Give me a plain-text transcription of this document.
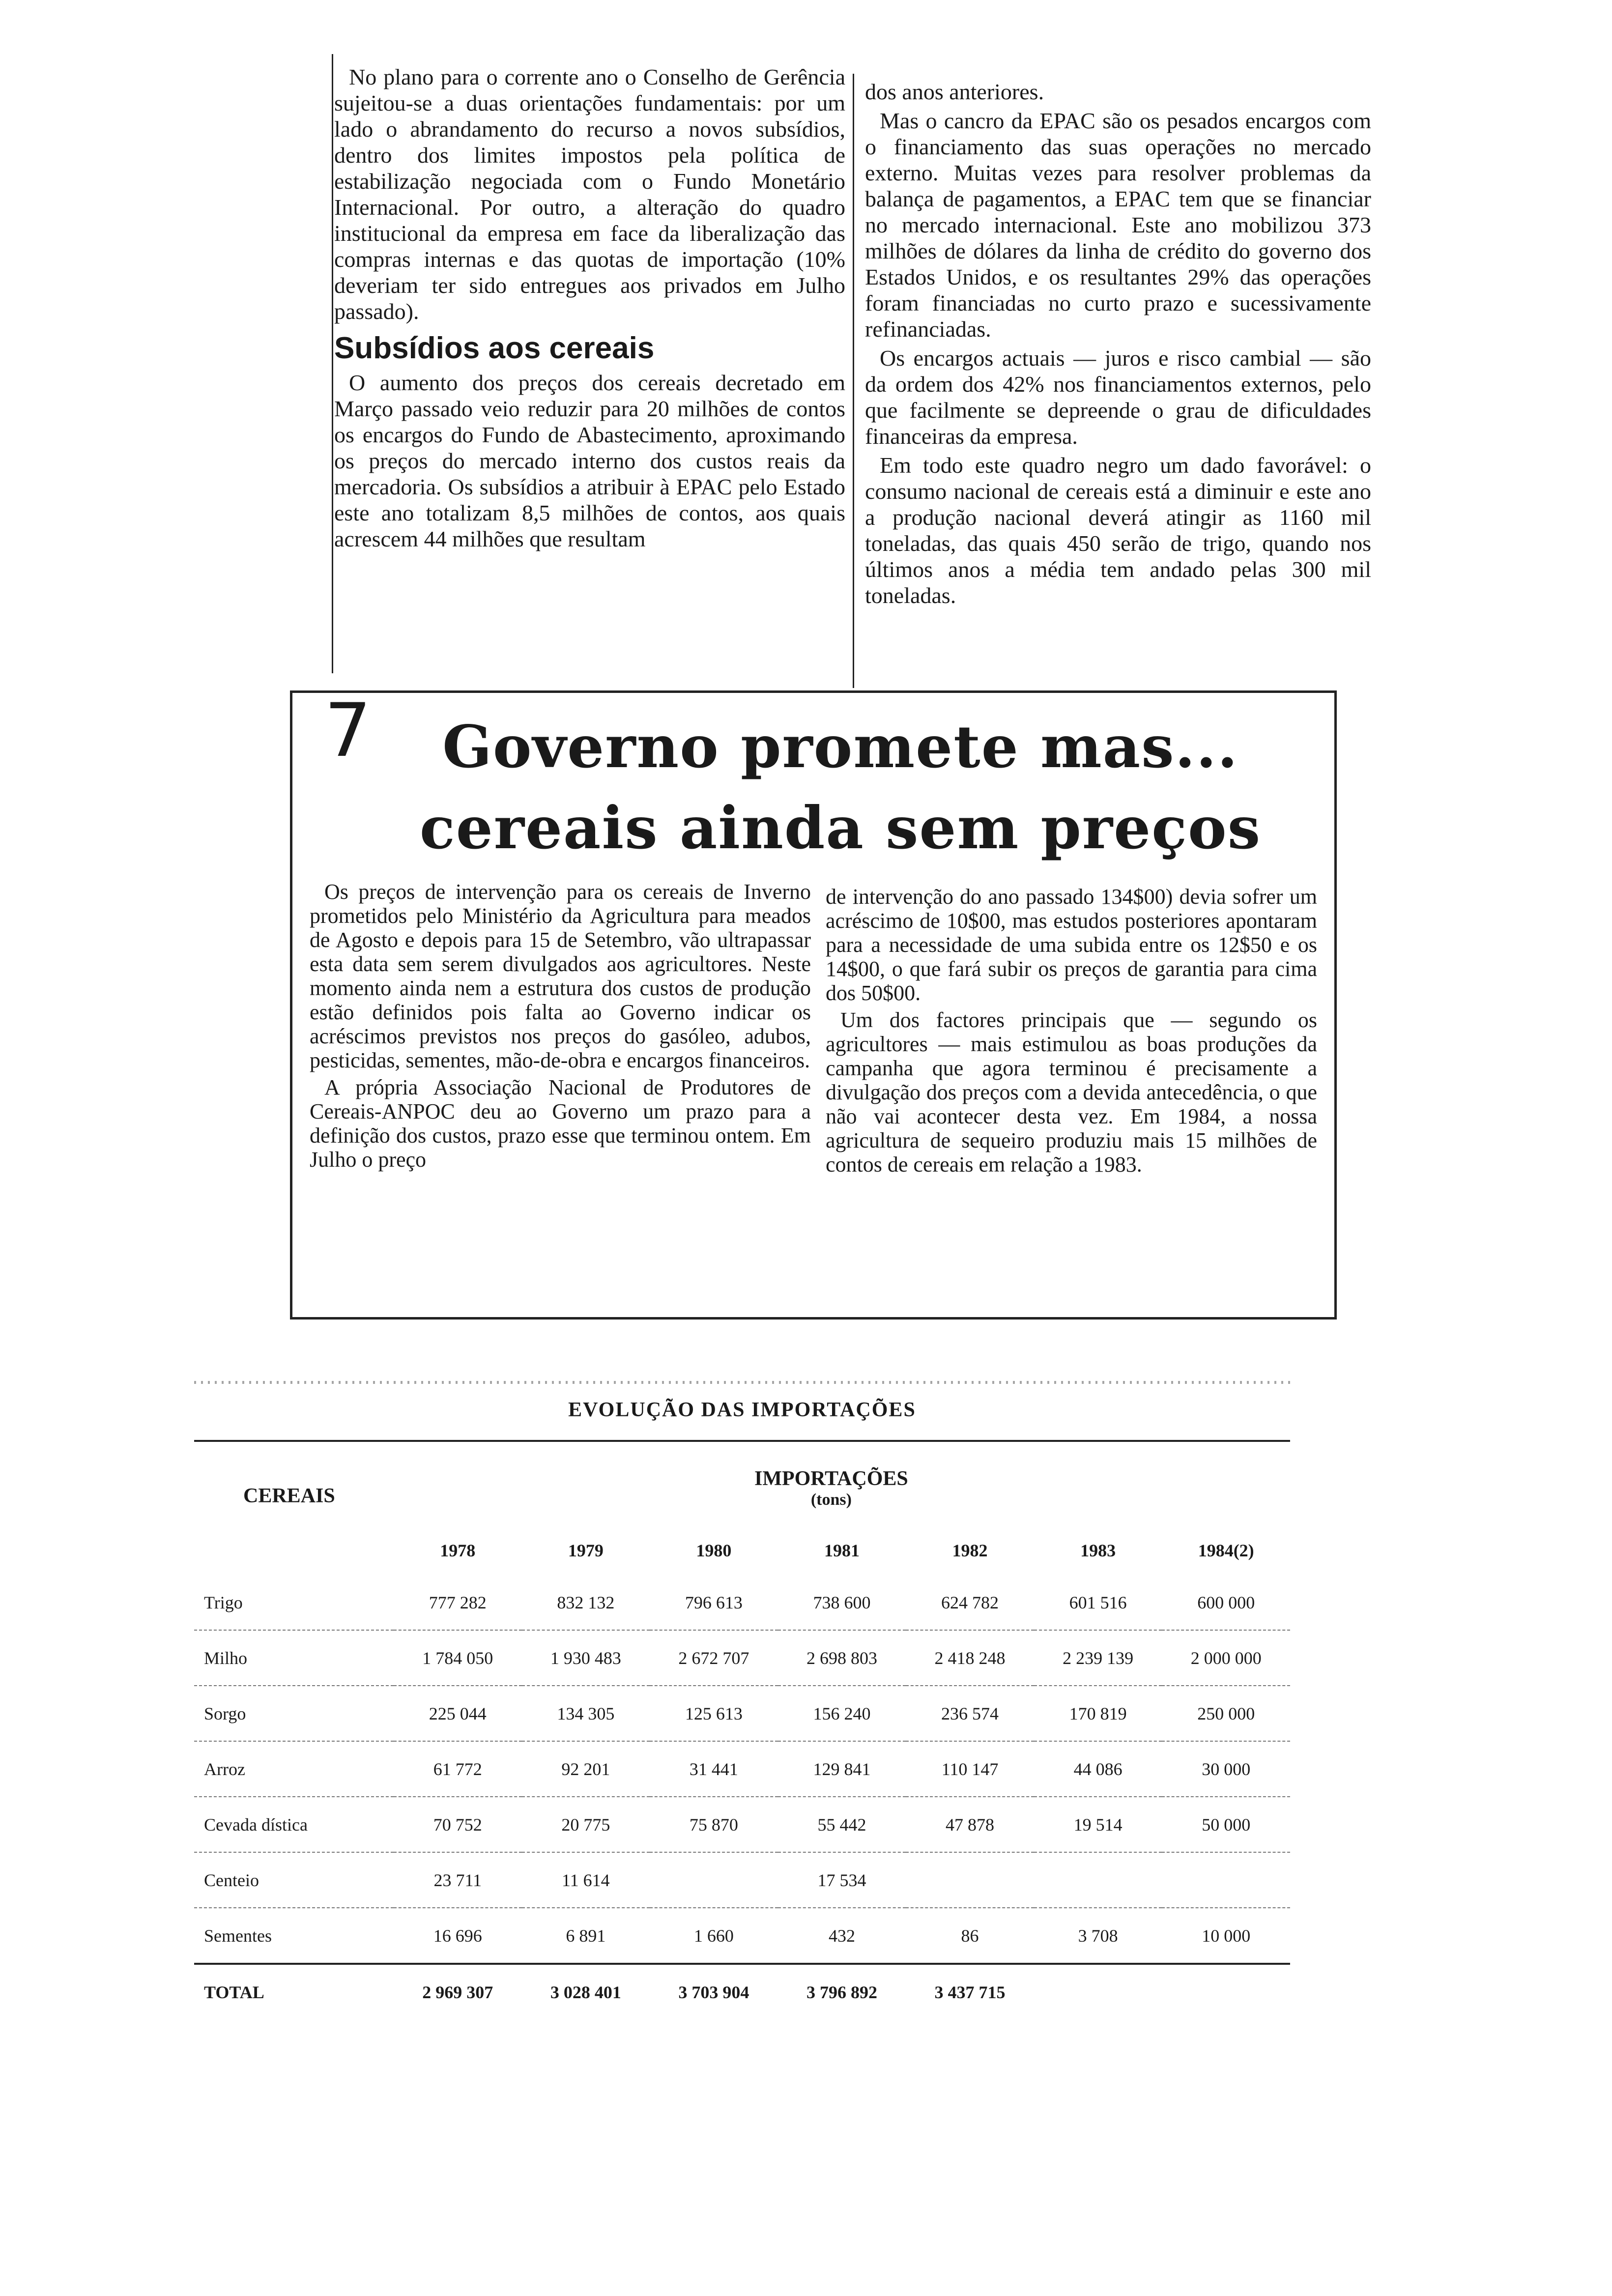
No plano para o corrente ano o Conselho de Gerência sujeitou-se a duas orientações fundamentais: por um lado o abrandamento do recurso a novos subsídios, dentro dos limites impostos pela política de estabilização negociada com o Fundo Monetário Internacional. Por outro, a alteração do quadro institucional da empresa em face da liberalização das compras internas e das quotas de importação (10% deveriam ter sido entregues aos privados em Julho passado).

Subsídios aos cereais

O aumento dos preços dos cereais decretado em Março passado veio reduzir para 20 milhões de contos os encargos do Fundo de Abastecimento, aproximando os preços do mercado interno dos custos reais da mercadoria. Os subsídios a atribuir à EPAC pelo Estado este ano totalizam 8,5 milhões de contos, aos quais acrescem 44 milhões que resultam

dos anos anteriores.

Mas o cancro da EPAC são os pesados encargos com o financiamento das suas operações no mercado externo. Muitas vezes para resolver problemas da balança de pagamentos, a EPAC tem que se financiar no mercado internacional. Este ano mobilizou 373 milhões de dólares da linha de crédito do governo dos Estados Unidos, e os resultantes 29% das operações foram financiadas no curto prazo e sucessivamente refinanciadas.

Os encargos actuais — juros e risco cambial — são da ordem dos 42% nos financiamentos externos, pelo que facilmente se depreende o grau de dificuldades financeiras da empresa.

Em todo este quadro negro um dado favorável: o consumo nacional de cereais está a diminuir e este ano a produção nacional deverá atingir as 1160 mil toneladas, das quais 450 serão de trigo, quando nos últimos anos a média tem andado pelas 300 mil toneladas.

7	Governo promete mas...
cereais ainda sem preços

Os preços de intervenção para os cereais de Inverno prometidos pelo Ministério da Agricultura para meados de Agosto e depois para 15 de Setembro, vão ultrapassar esta data sem serem divulgados aos agricultores. Neste momento ainda nem a estrutura dos custos de produção estão definidos pois falta ao Governo indicar os acréscimos previstos nos preços do gasóleo, adubos, pesticidas, sementes, mão-de-obra e encargos financeiros.

A própria Associação Nacional de Produtores de Cereais-ANPOC deu ao Governo um prazo para a definição dos custos, prazo esse que terminou ontem. Em Julho o preço

de intervenção do ano passado 134$00) devia sofrer um acréscimo de 10$00, mas estudos posteriores apontaram para a necessidade de uma subida entre os 12$50 e os 14$00, o que fará subir os preços de garantia para cima dos 50$00.

Um dos factores principais que — segundo os agricultores — mais estimulou as boas produções da campanha que agora terminou é precisamente a divulgação dos preços com a devida antecedência, o que não vai acontecer desta vez. Em 1984, a nossa agricultura de sequeiro produziu mais 15 milhões de contos de cereais em relação a 1983.

EVOLUÇÃO DAS IMPORTAÇÕES
CEREAIS
IMPORTAÇÕES
(tons)
	1978	1979	1980	1981	1982	1983	1984(2)
Trigo	777 282	832 132	796 613	738 600	624 782	601 516	600 000
Milho	1 784 050	1 930 483	2 672 707	2 698 803	2 418 248	2 239 139	2 000 000
Sorgo	225 044	134 305	125 613	156 240	236 574	170 819	250 000
Arroz	61 772	92 201	31 441	129 841	110 147	44 086	30 000
Cevada dística	70 752	20 775	75 870	55 442	47 878	19 514	50 000
Centeio	23 711	11 614		17 534			
Sementes	16 696	6 891	1 660	432	86	3 708	10 000
TOTAL	2 969 307	3 028 401	3 703 904	3 796 892	3 437 715		
